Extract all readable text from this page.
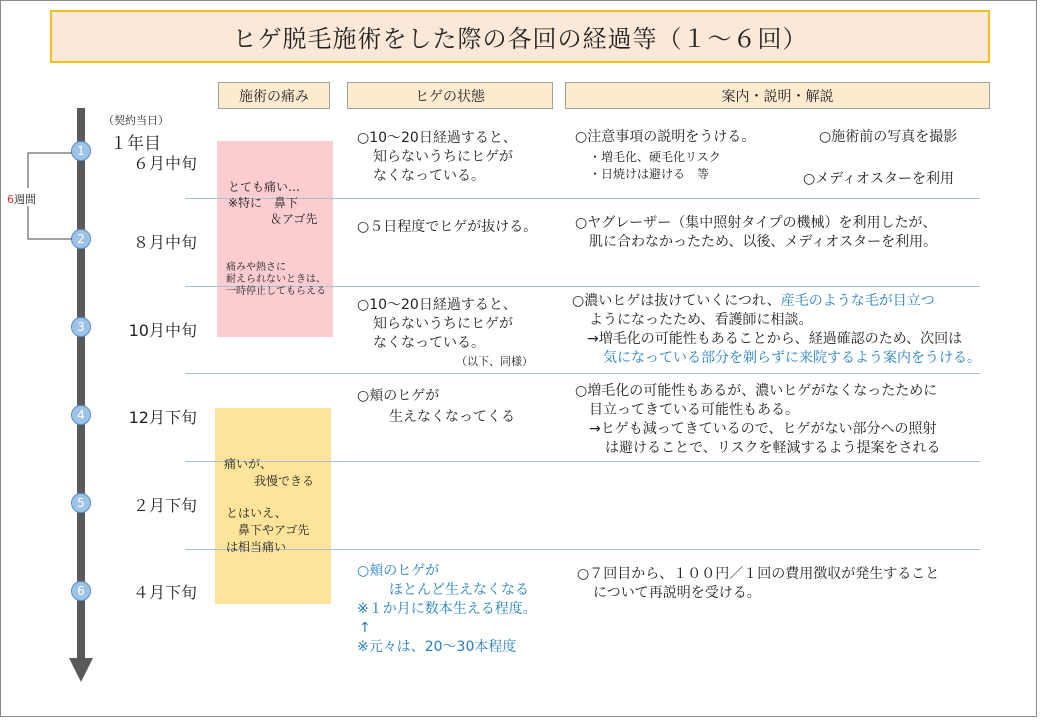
ヒゲ脱毛施術をした際の各回の経過等（１～６回）
施術の痛み	ヒゲの状態	案内・説明・解説
1
2
3
4
5
6
6週間
（契約当日）
１年目
６月中旬
８月中旬
10月中旬
12月下旬
２月下旬
４月下旬
とても痛い…
※特に　鼻下
＆アゴ先
痛みや熱さに
耐えられないときは、
一時停止してもらえる
痛いが、
我慢できる
とはいえ、
鼻下やアゴ先
は相当痛い
○10～20日経過すると、
知らないうちにヒゲが
なくなっている。
○５日程度でヒゲが抜ける。
○10～20日経過すると、
知らないうちにヒゲが
なくなっている。
（以下、同様）
○頬のヒゲが
生えなくなってくる
○頬のヒゲが
ほとんど生えなくなる
※１か月に数本生える程度。
↑
※元々は、20～30本程度
○注意事項の説明をうける。
・増毛化、硬毛化リスク
・日焼けは避ける　等
○施術前の写真を撮影
○メディオスターを利用
○ヤグレーザー（集中照射タイプの機械）を利用したが、
肌に合わなかったため、以後、メディオスターを利用。
○濃いヒゲは抜けていくにつれ、産毛のような毛が目立つ
ようになったため、看護師に相談。
→増毛化の可能性もあることから、経過確認のため、次回は
気になっている部分を剃らずに来院するよう案内をうける。
○増毛化の可能性もあるが、濃いヒゲがなくなったために
目立ってきている可能性もある。
→ヒゲも減ってきているので、ヒゲがない部分への照射
は避けることで、リスクを軽減するよう提案をされる
○７回目から、１００円／１回の費用徴収が発生すること
について再説明を受ける。
